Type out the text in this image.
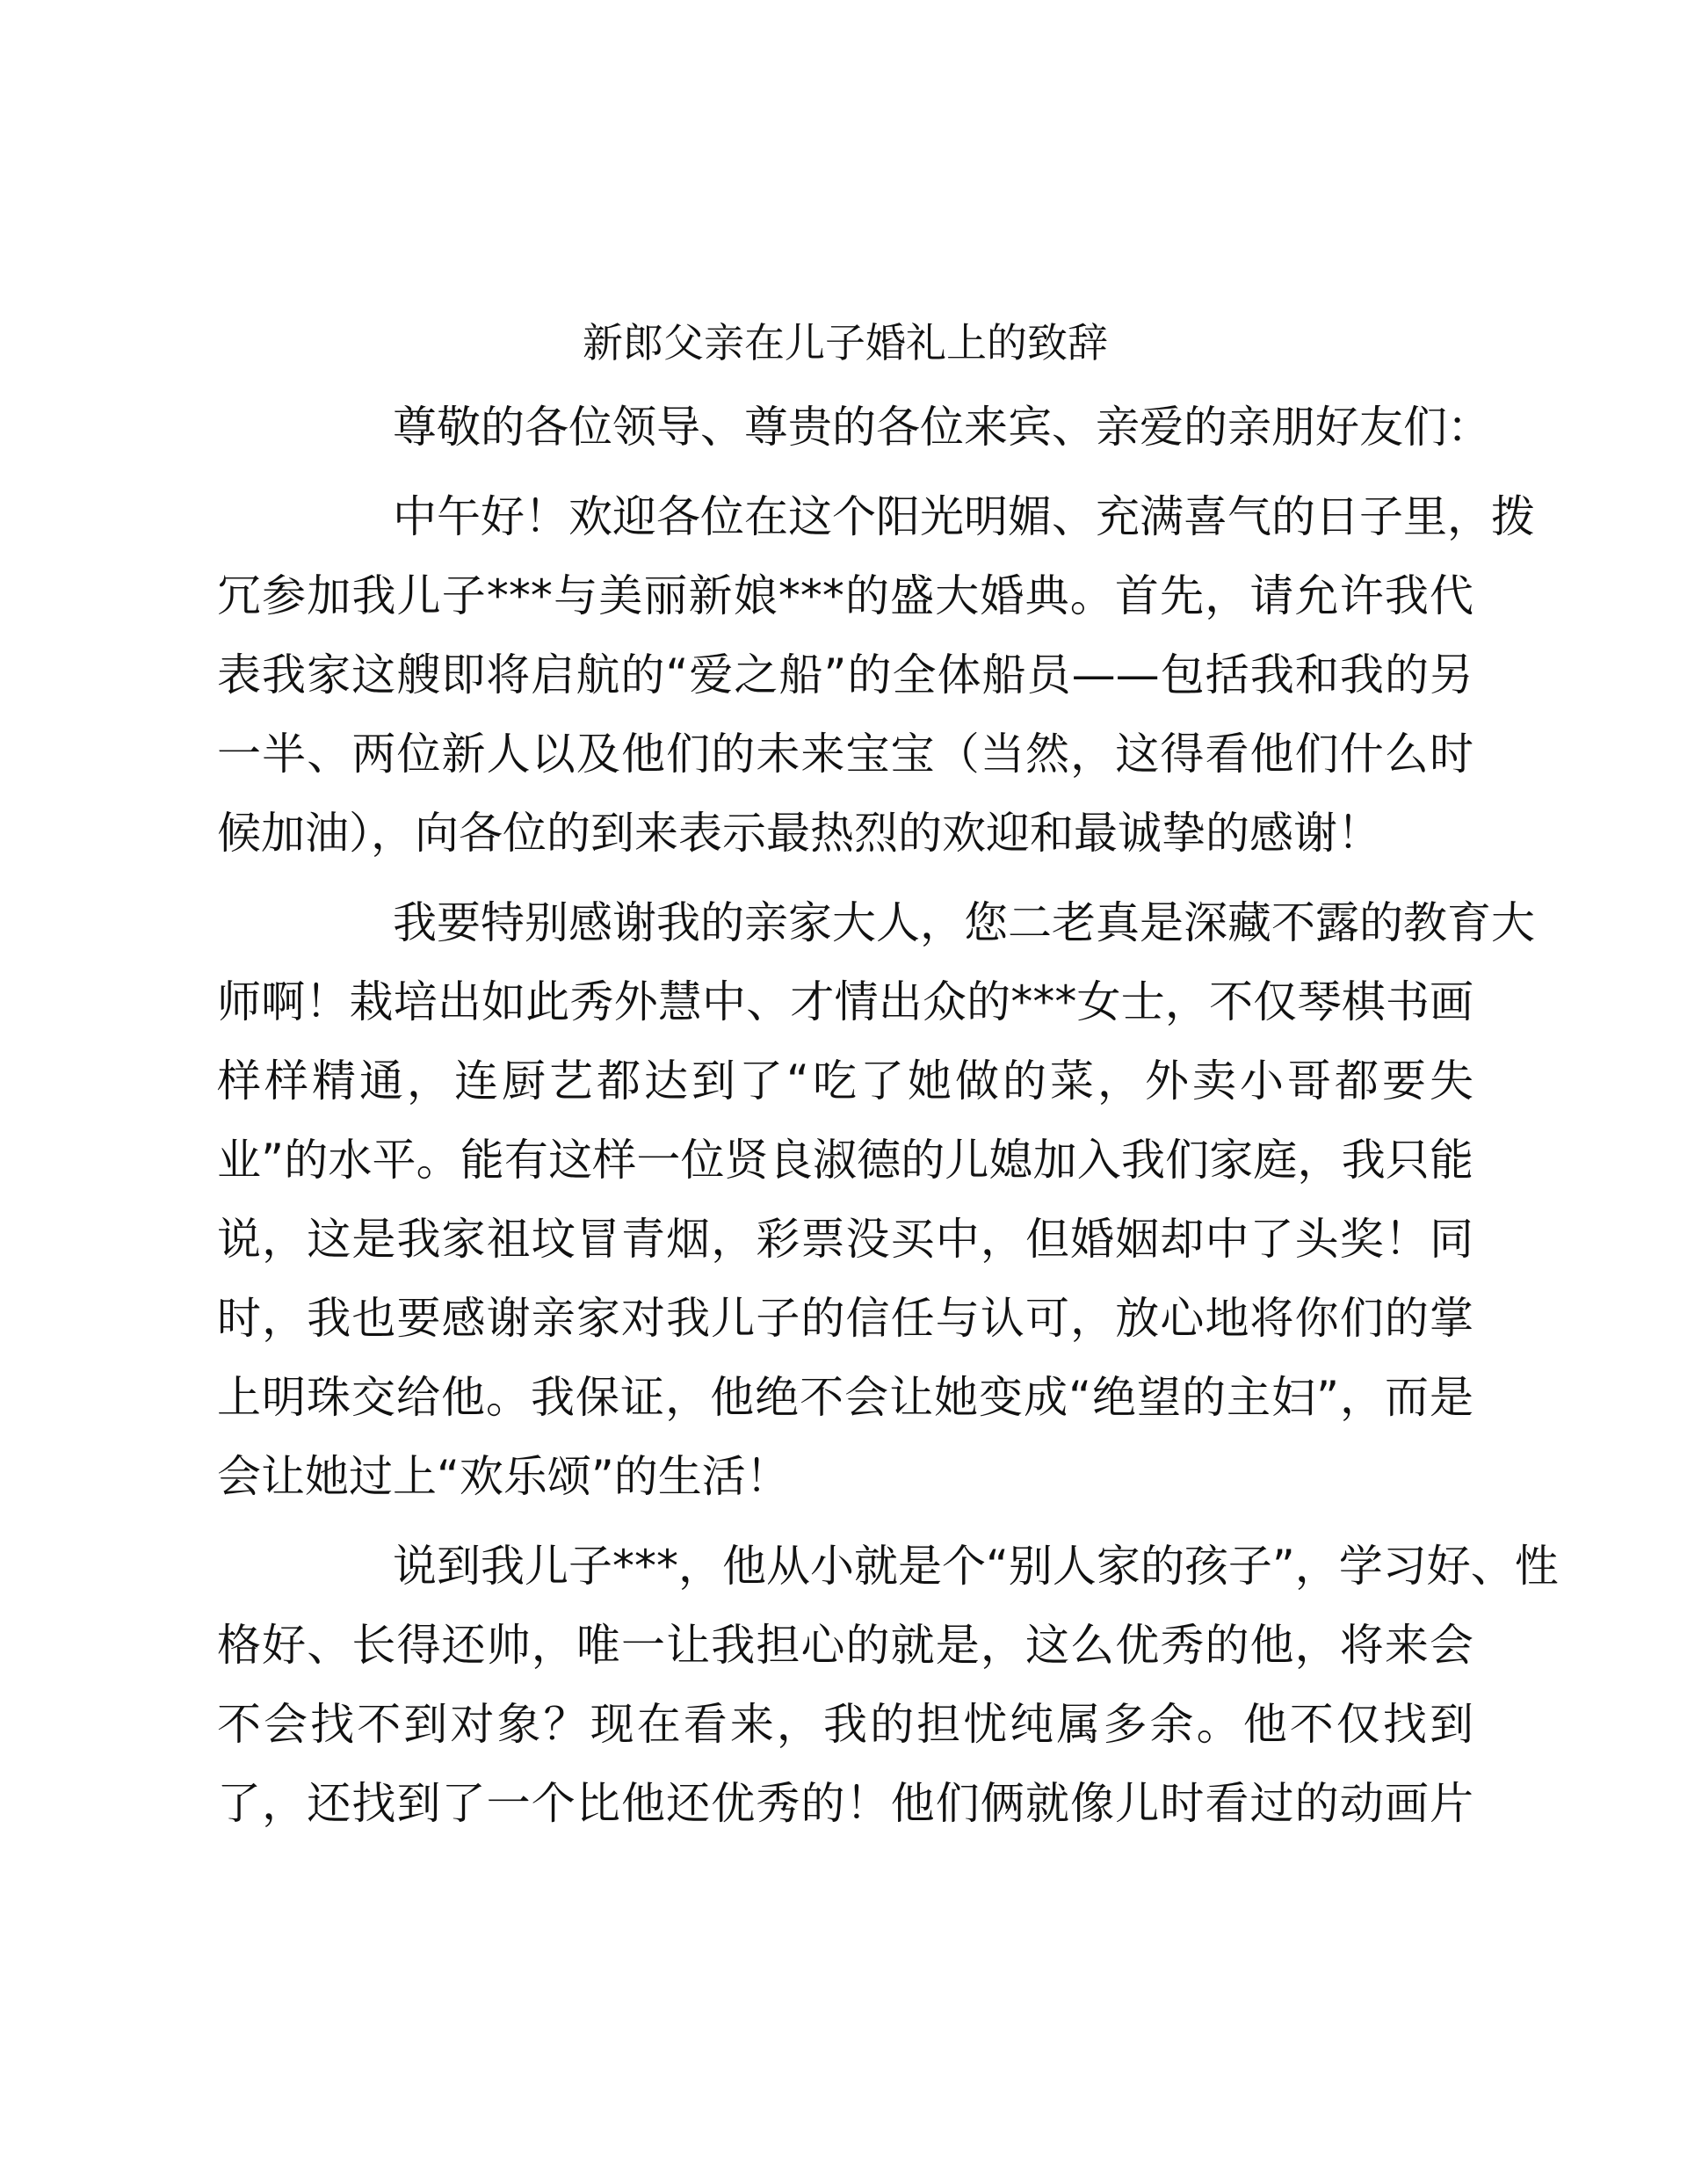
新郎父亲在儿子婚礼上的致辞
尊敬的各位领导、尊贵的各位来宾、亲爱的亲朋好友们：
中午好！欢迎各位在这个阳光明媚、充满喜气的日子里，拨
冗参加我儿子***与美丽新娘***的盛大婚典。首先，请允许我代
表我家这艘即将启航的“爱之船”的全体船员——包括我和我的另
一半、两位新人以及他们的未来宝宝（当然，这得看他们什么时
候加油），向各位的到来表示最热烈的欢迎和最诚挚的感谢！
我要特别感谢我的亲家大人，您二老真是深藏不露的教育大
师啊！栽培出如此秀外慧中、才情出众的***女士，不仅琴棋书画
样样精通，连厨艺都达到了“吃了她做的菜，外卖小哥都要失
业”的水平。能有这样一位贤良淑德的儿媳加入我们家庭，我只能
说，这是我家祖坟冒青烟，彩票没买中，但婚姻却中了头奖！同
时，我也要感谢亲家对我儿子的信任与认可，放心地将你们的掌
上明珠交给他。我保证，他绝不会让她变成“绝望的主妇”，而是
会让她过上“欢乐颂”的生活！
说到我儿子***，他从小就是个“别人家的孩子”，学习好、性
格好、长得还帅，唯一让我担心的就是，这么优秀的他，将来会
不会找不到对象？现在看来，我的担忧纯属多余。他不仅找到
了，还找到了一个比他还优秀的！他们俩就像儿时看过的动画片
